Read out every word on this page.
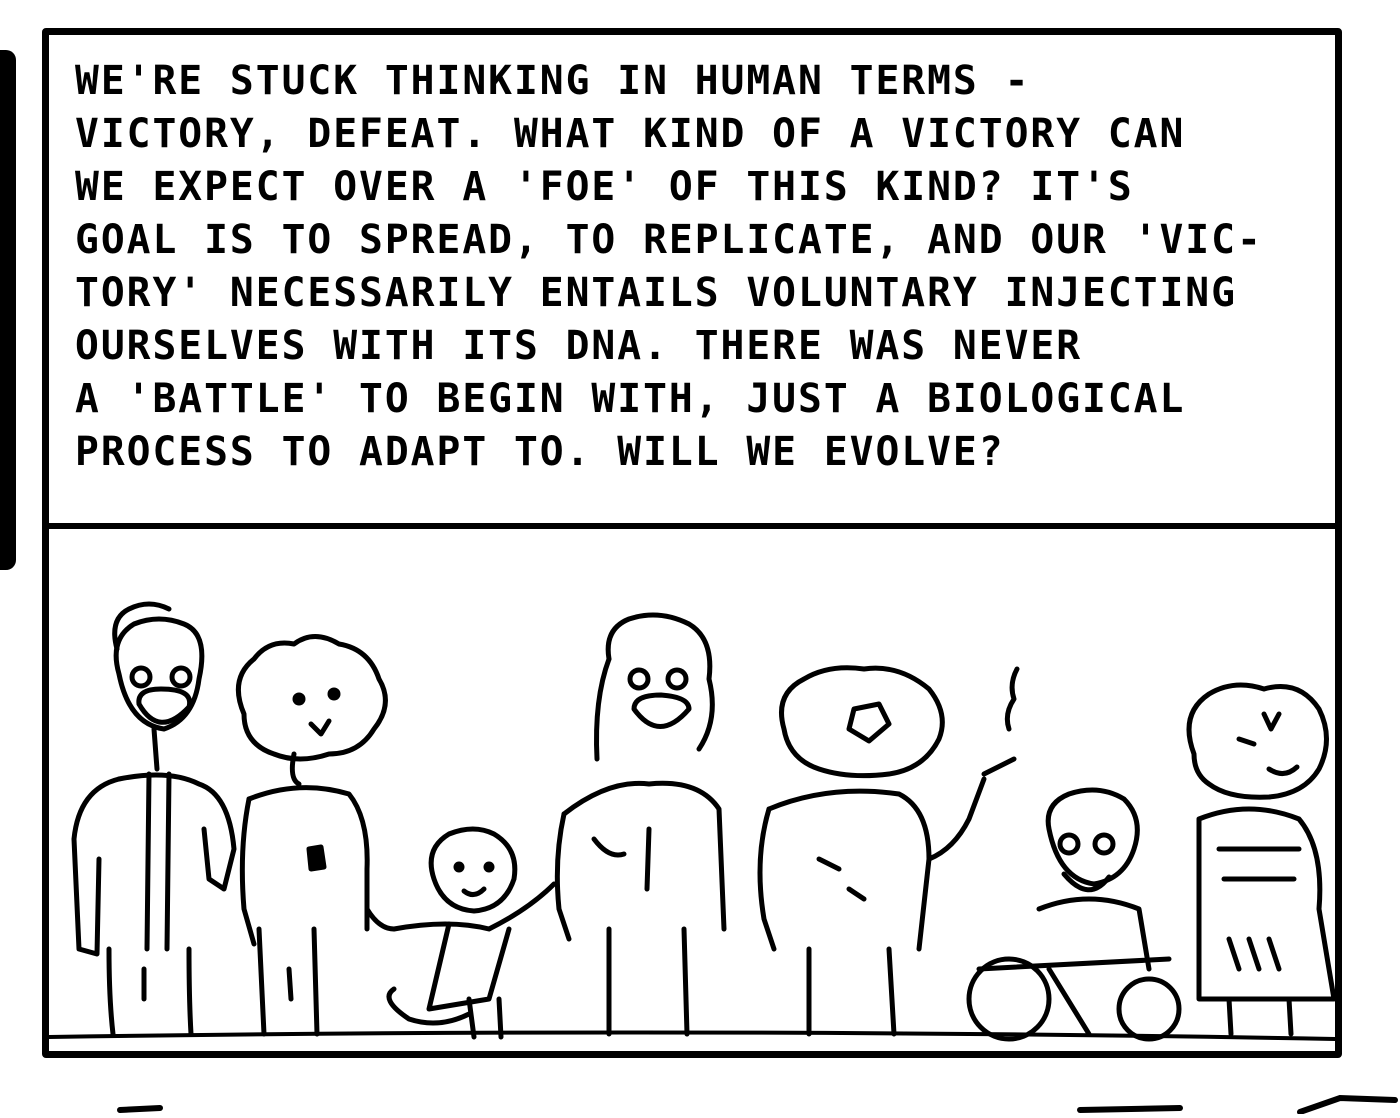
WE'RE STUCK THINKING IN HUMAN TERMS -
VICTORY, DEFEAT. WHAT KIND OF A VICTORY CAN
WE EXPECT OVER A 'FOE' OF THIS KIND? IT'S
GOAL IS TO SPREAD, TO REPLICATE, AND OUR 'VIC-
TORY' NECESSARILY ENTAILS VOLUNTARY INJECTING
OURSELVES WITH ITS DNA. THERE WAS NEVER
A 'BATTLE' TO BEGIN WITH, JUST A BIOLOGICAL
PROCESS TO ADAPT TO. WILL WE EVOLVE?
